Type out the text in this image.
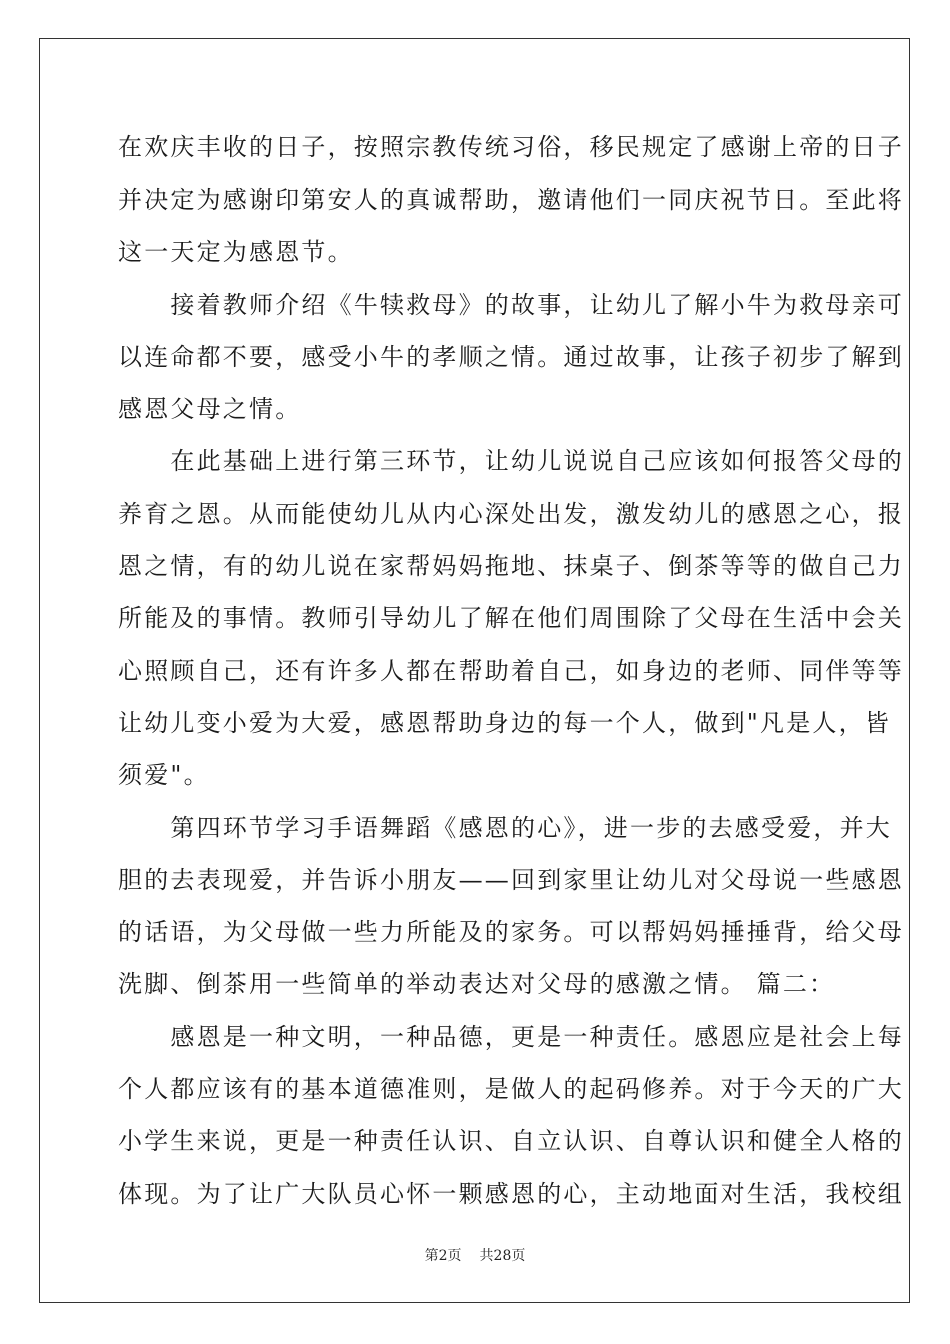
在欢庆丰收的日子，按照宗教传统习俗，移民规定了感谢上帝的日子
并决定为感谢印第安人的真诚帮助，邀请他们一同庆祝节日。至此将
这一天定为感恩节。
　　接着教师介绍《牛犊救母》的故事，让幼儿了解小牛为救母亲可
以连命都不要，感受小牛的孝顺之情。通过故事，让孩子初步了解到
感恩父母之情。
　　在此基础上进行第三环节，让幼儿说说自己应该如何报答父母的
养育之恩。从而能使幼儿从内心深处出发，激发幼儿的感恩之心，报
恩之情，有的幼儿说在家帮妈妈拖地、抹桌子、倒茶等等的做自己力
所能及的事情。教师引导幼儿了解在他们周围除了父母在生活中会关
心照顾自己，还有许多人都在帮助着自己，如身边的老师、同伴等等
让幼儿变小爱为大爱，感恩帮助身边的每一个人，做到"凡是人，皆
须爱"。
　　第四环节学习手语舞蹈《感恩的心》，进一步的去感受爱，并大
胆的去表现爱，并告诉小朋友——回到家里让幼儿对父母说一些感恩
的话语，为父母做一些力所能及的家务。可以帮妈妈捶捶背，给父母
洗脚、倒茶用一些简单的举动表达对父母的感激之情。 篇二：
　　感恩是一种文明，一种品德，更是一种责任。感恩应是社会上每
个人都应该有的基本道德准则，是做人的起码修养。对于今天的广大
小学生来说，更是一种责任认识、自立认识、自尊认识和健全人格的
体现。为了让广大队员心怀一颗感恩的心，主动地面对生活，我校组
第2页 共28页
